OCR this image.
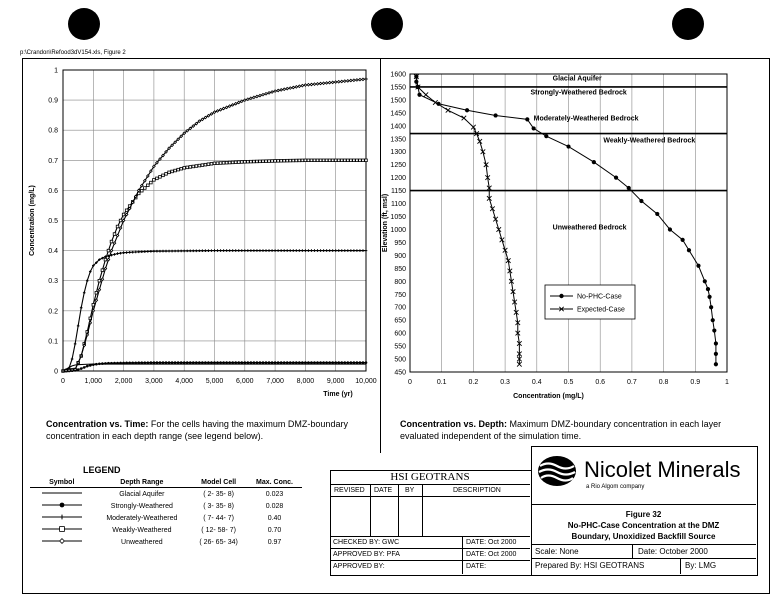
p:\Crandon\Refood3dV154.xls, Figure 2
0	1,000 2,000 3,000 4,000 5,000 6,000 7,000 8,000 9,000 10,000
0
0.1
0.2
0.3
0.4
0.5
0.6
0.7
0.8
0.9
1
Time (yr)
Concentration (mg/L)
0	0.1	0.2	0.3	0.4	0.5	0.6	0.7	0.8	0.9	1
450
500
550
600
650
700
750
800
850
900
950
1000
1050
1100
1150
1200
1250
1300
1350
1400
1450
1500
1550
1600
Glacial Aquifer
Strongly-Weathered Bedrock
Moderately-Weathered Bedrock
Weakly-Weathered Bedrock
Unweathered Bedrock
Concentration (mg/L)
Elevation (ft, msl)
No-PHC-Case
Expected-Case
Concentration vs. Time: For the cells having the maximum DMZ-boundary concentration in each depth range (see legend below).
Concentration vs. Depth: Maximum DMZ-boundary concentration in each layer evaluated independent of the simulation time.
LEGEND
Symbol	Depth Range	Model Cell	Max. Conc.
	Glacial Aquifer	( 2- 35- 8)	0.023
	Strongly-Weathered	( 3- 35- 8)	0.028
	Moderately-Weathered	( 7- 44- 7)	0.40
	Weakly-Weathered	( 12- 58- 7)	0.70
	Unweathered	( 26- 65- 34)	0.97
HSI GEOTRANS
REVISED DATE BY	DESCRIPTION
CHECKED BY: GWC	DATE: Oct 2000
APPROVED BY: PFA	DATE: Oct 2000
APPROVED BY:	DATE:
Nicolet Minerals
a Rio Algom company
Figure 32
No-PHC-Case Concentration at the DMZ
Boundary, Unoxidized Backfill Source
Scale: None	Date: October 2000
Prepared By: HSI GEOTRANS	By: LMG
